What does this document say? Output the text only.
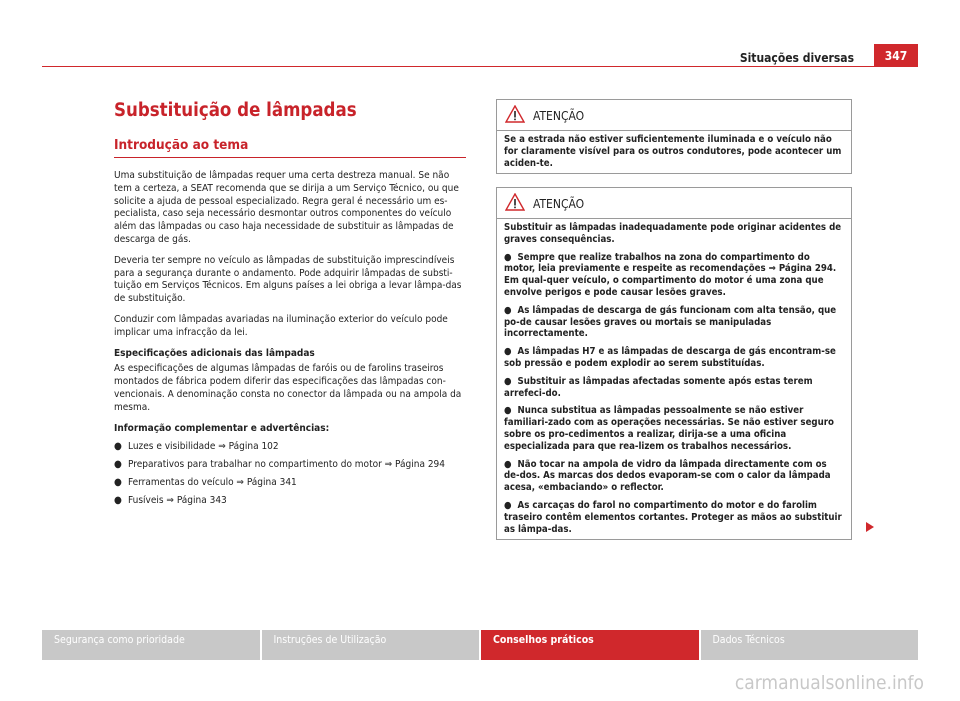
Situações diversas	347
Substituição de lâmpadas
Introdução ao tema

Uma substituição de lâmpadas requer uma certa destreza manual. Se não tem a certeza, a SEAT recomenda que se dirija a um Serviço Técnico, ou que solicite a ajuda de pessoal especializado. Regra geral é necessário um es-pecialista, caso seja necessário desmontar outros componentes do veículo além das lâmpadas ou caso haja necessidade de substituir as lâmpadas de descarga de gás.

Deveria ter sempre no veículo as lâmpadas de substituição imprescindíveis para a segurança durante o andamento. Pode adquirir lâmpadas de substi-tuição em Serviços Técnicos. Em alguns países a lei obriga a levar lâmpa-das de substituição.

Conduzir com lâmpadas avariadas na iluminação exterior do veículo pode implicar uma infracção da lei.

Especificações adicionais das lâmpadas

As especificações de algumas lâmpadas de faróis ou de farolins traseiros montados de fábrica podem diferir das especificações das lâmpadas con-vencionais. A denominação consta no conector da lâmpada ou na ampola da mesma.

Informação complementar e advertências:

● Luzes e visibilidade ⇒ Página 102
● Preparativos para trabalhar no compartimento do motor ⇒ Página 294
● Ferramentas do veículo ⇒ Página 341
● Fusíveis ⇒ Página 343
ATENÇÃO
Se a estrada não estiver suficientemente iluminada e o veículo não for claramente visível para os outros condutores, pode acontecer um aciden-te.
ATENÇÃO
Substituir as lâmpadas inadequadamente pode originar acidentes de graves consequências.
● Sempre que realize trabalhos na zona do compartimento do motor, leia previamente e respeite as recomendações ⇒ Página 294. Em qual-quer veículo, o compartimento do motor é uma zona que envolve perigos e pode causar lesões graves.
● As lâmpadas de descarga de gás funcionam com alta tensão, que po-de causar lesões graves ou mortais se manipuladas incorrectamente.
● As lâmpadas H7 e as lâmpadas de descarga de gás encontram-se sob pressão e podem explodir ao serem substituídas.
● Substituir as lâmpadas afectadas somente após estas terem arrefeci-do.
● Nunca substitua as lâmpadas pessoalmente se não estiver familiari-zado com as operações necessárias. Se não estiver seguro sobre os pro-cedimentos a realizar, dirija-se a uma oficina especializada para que rea-lizem os trabalhos necessários.
● Não tocar na ampola de vidro da lâmpada directamente com os de-dos. As marcas dos dedos evaporam-se com o calor da lâmpada acesa, «embaciando» o reflector.
● As carcaças do farol no compartimento do motor e do farolim traseiro contêm elementos cortantes. Proteger as mãos ao substituir as lâmpa-das.
Segurança como prioridade	Instruções de Utilização	Conselhos práticos	Dados Técnicos
carmanualsonline.info
